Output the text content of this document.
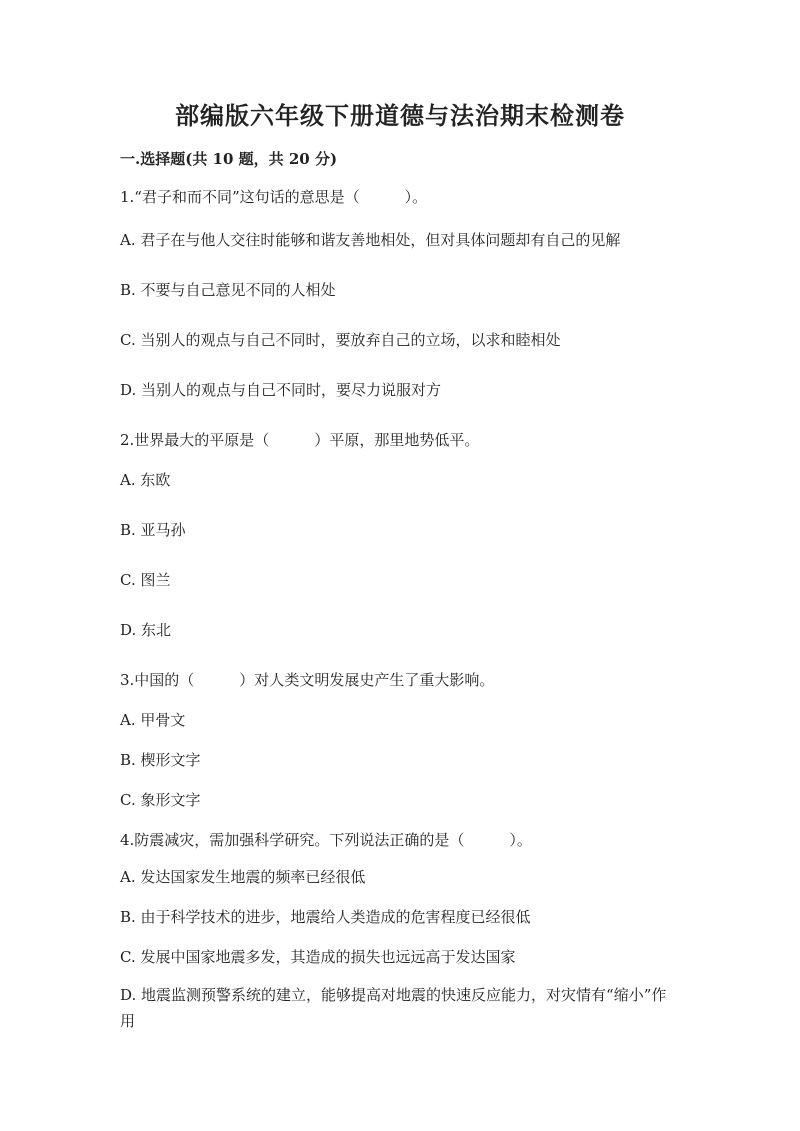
部编版六年级下册道德与法治期末检测卷
一.选择题(共 10 题，共 20 分)
1.“君子和而不同”这句话的意思是（　　　）。
A. 君子在与他人交往时能够和谐友善地相处，但对具体问题却有自己的见解
B. 不要与自己意见不同的人相处
C. 当别人的观点与自己不同时，要放弃自己的立场，以求和睦相处
D. 当别人的观点与自己不同时，要尽力说服对方
2.世界最大的平原是（　　　）平原，那里地势低平。
A. 东欧
B. 亚马孙
C. 图兰
D. 东北
3.中国的（　　　）对人类文明发展史产生了重大影响。
A. 甲骨文
B. 楔形文字
C. 象形文字
4.防震减灾，需加强科学研究。下列说法正确的是（　　　）。
A. 发达国家发生地震的频率已经很低
B. 由于科学技术的进步，地震给人类造成的危害程度已经很低
C. 发展中国家地震多发，其造成的损失也远远高于发达国家
D. 地震监测预警系统的建立，能够提高对地震的快速反应能力，对灾情有“缩小”作用
